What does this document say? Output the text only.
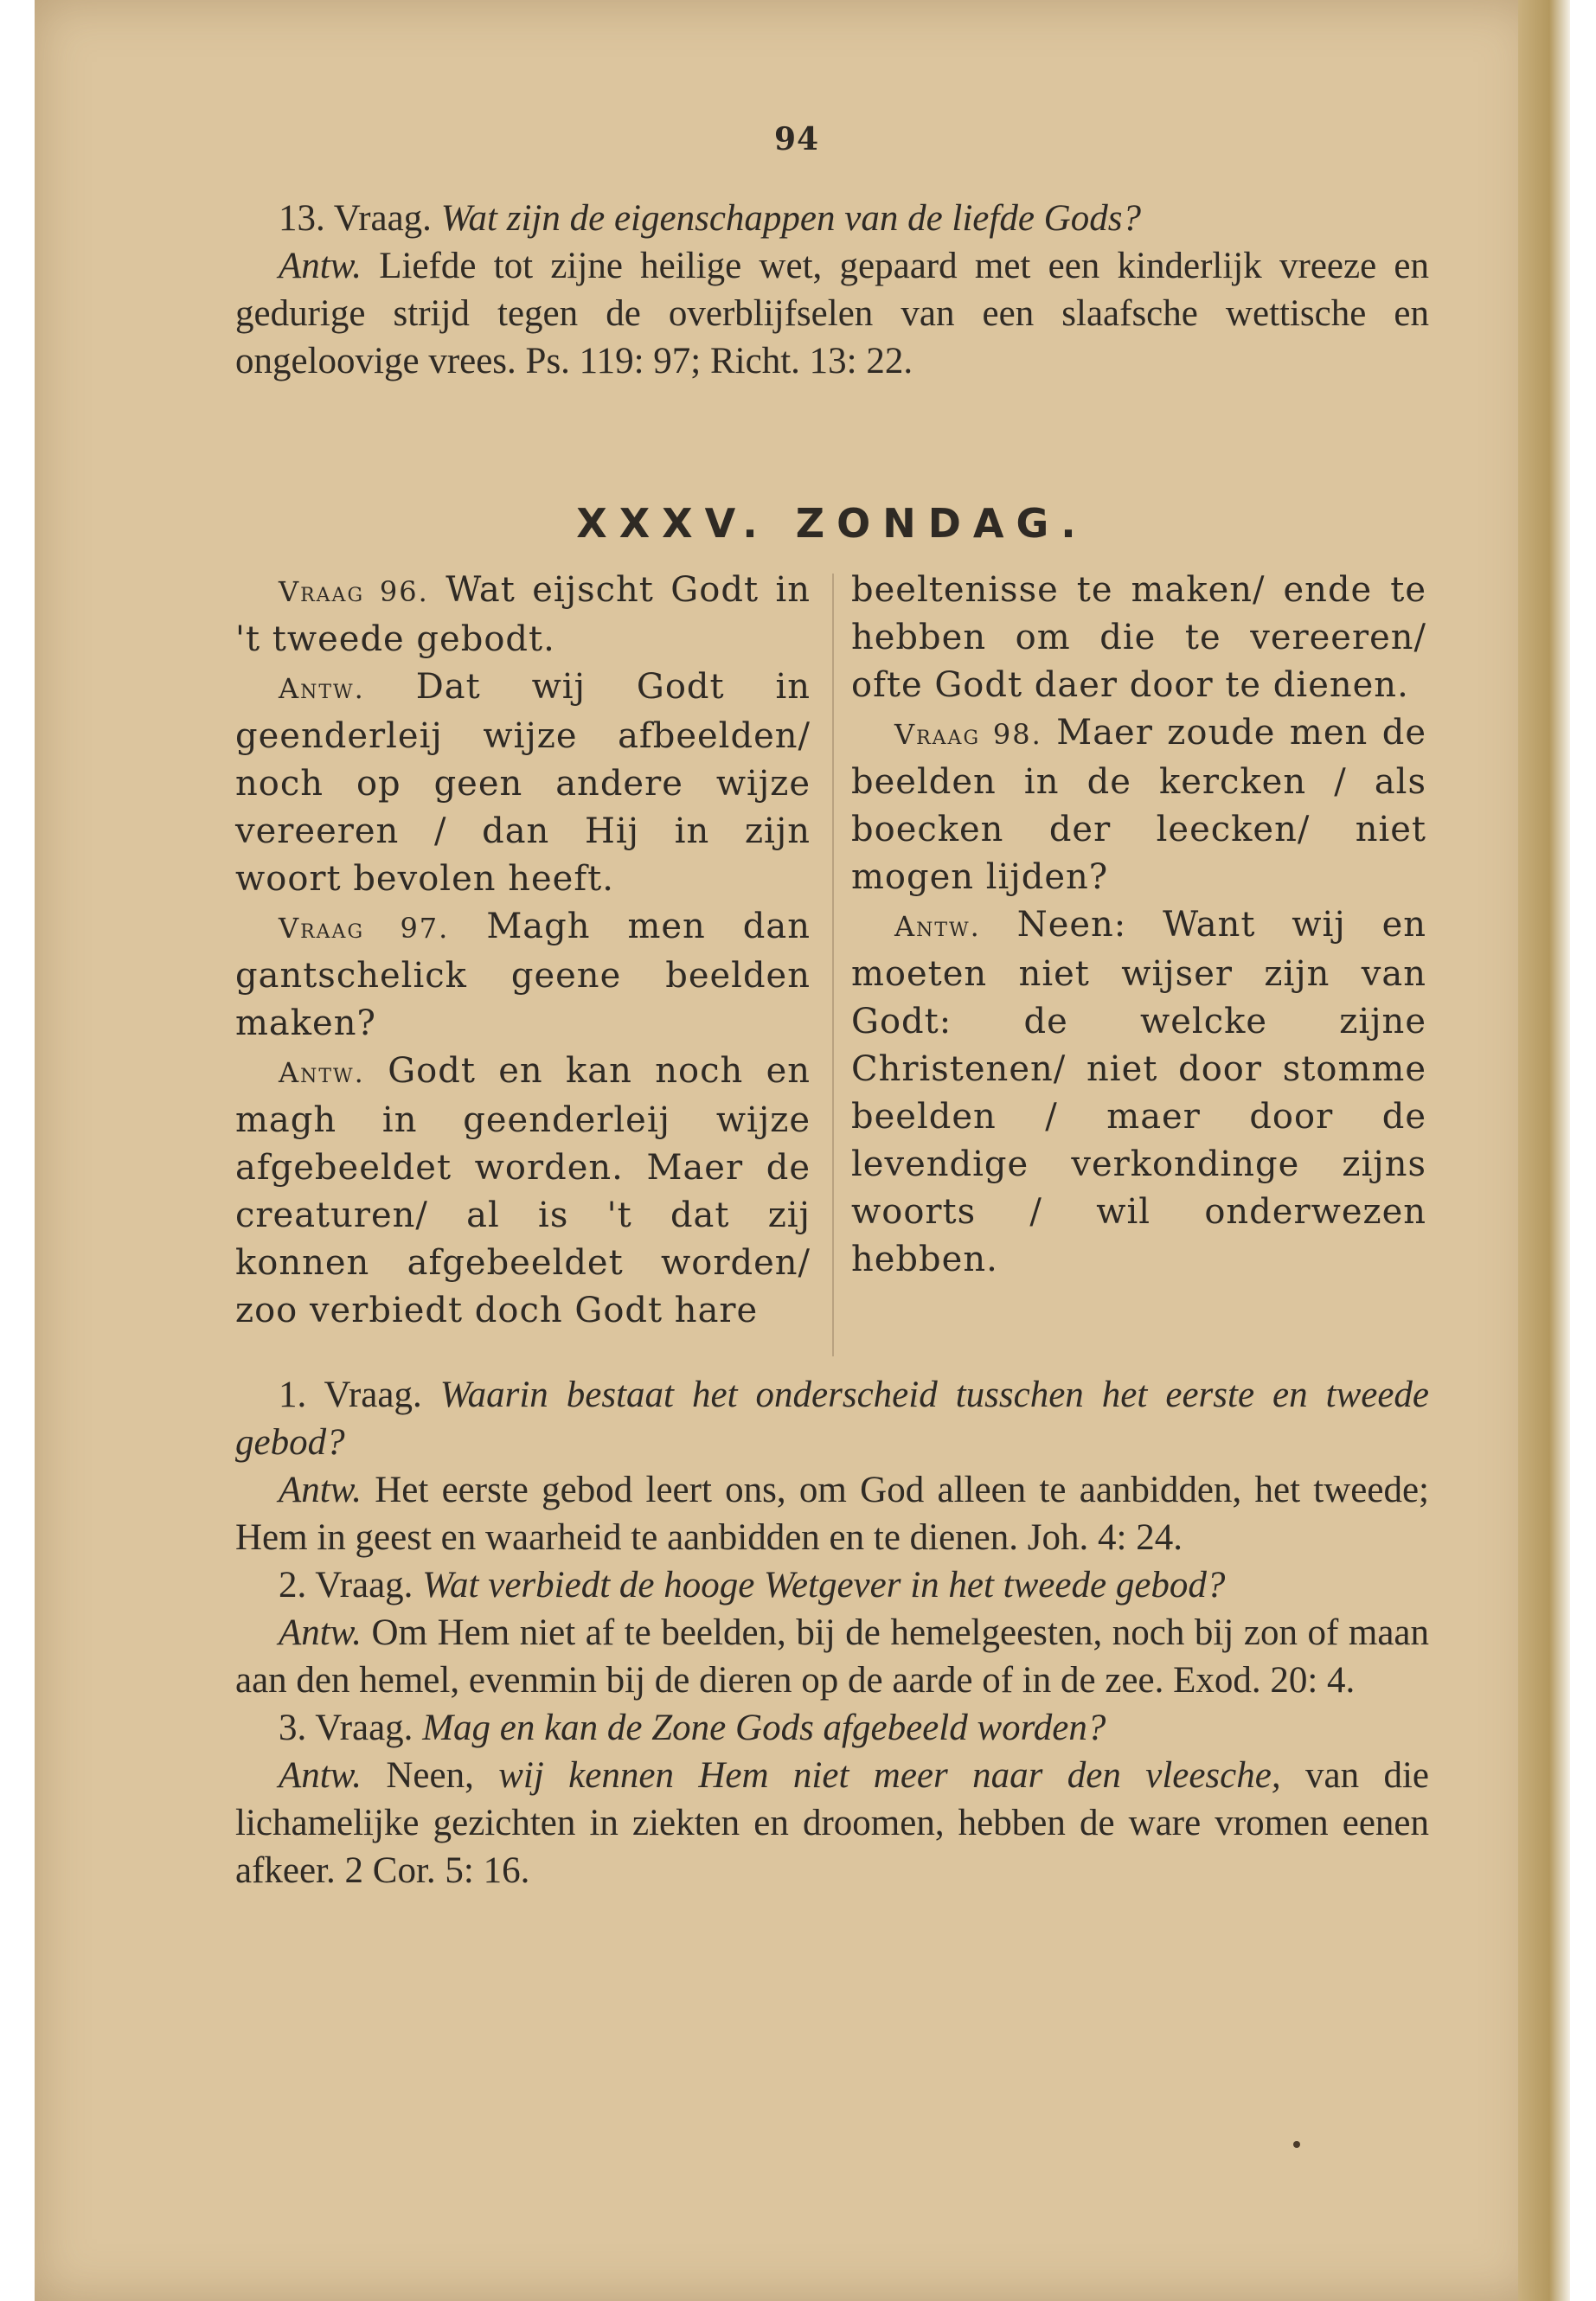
94

13. Vraag. Wat zijn de eigenschappen van de liefde Gods?

Antw. Liefde tot zijne heilige wet, gepaard met een kinderlijk vreeze en gedurige strijd tegen de overblijfselen van een slaafsche wettische en ongeloovige vrees. Ps. 119: 97; Richt. 13: 22.

XXXV. ZONDAG.

Vraag 96. Wat eijscht Godt in 't tweede gebodt.

Antw. Dat wij Godt in geenderleij wijze afbeelden/ noch op geen andere wijze vereeren / dan Hij in zijn woort bevolen heeft.

Vraag 97. Magh men dan gantschelick geene beelden maken?

Antw. Godt en kan noch en magh in geenderleij wijze afgebeeldet worden. Maer de creaturen/ al is 't dat zij konnen afgebeeldet worden/ zoo verbiedt doch Godt hare

beeltenisse te maken/ ende te hebben om die te vereeren/ ofte Godt daer door te dienen.

Vraag 98. Maer zoude men de beelden in de kercken / als boecken der leecken/ niet mogen lijden?

Antw. Neen: Want wij en moeten niet wijser zijn van Godt: de welcke zijne Christenen/ niet door stomme beelden / maer door de levendige verkondinge zijns woorts / wil onderwezen hebben.

1. Vraag. Waarin bestaat het onderscheid tusschen het eerste en tweede gebod?

Antw. Het eerste gebod leert ons, om God alleen te aanbidden, het tweede; Hem in geest en waarheid te aanbidden en te dienen. Joh. 4: 24.

2. Vraag. Wat verbiedt de hooge Wetgever in het tweede gebod?

Antw. Om Hem niet af te beelden, bij de hemelgeesten, noch bij zon of maan aan den hemel, evenmin bij de dieren op de aarde of in de zee. Exod. 20: 4.

3. Vraag. Mag en kan de Zone Gods afgebeeld worden?

Antw. Neen, wij kennen Hem niet meer naar den vleesche, van die lichamelijke gezichten in ziekten en droomen, hebben de ware vromen eenen afkeer. 2 Cor. 5: 16.
